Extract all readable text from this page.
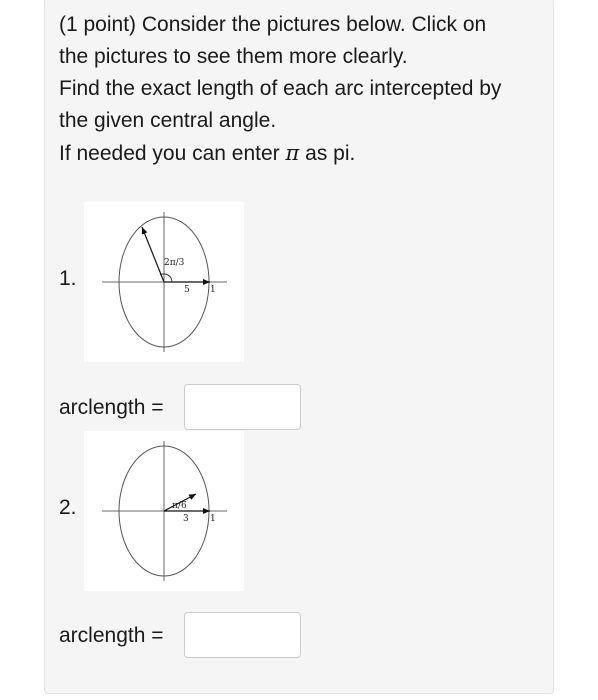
(1 point) Consider the pictures below. Click on
the pictures to see them more clearly.
Find the exact length of each arc intercepted by
the given central angle.
If needed you can enter π as pi.
1.
2π/3
5 1
arclength =
2.	π/6
3 1
arclength =
